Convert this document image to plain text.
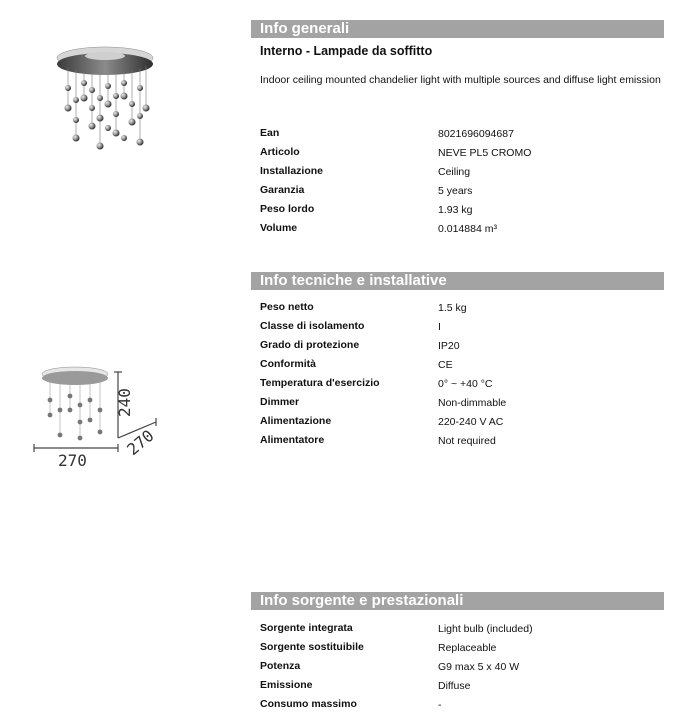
240
270
270
Info generali
Interno - Lampade da soffitto
Indoor ceiling mounted chandelier light with multiple sources and diffuse light emission
Ean	8021696094687
Articolo	NEVE PL5 CROMO
Installazione	Ceiling
Garanzia	5 years
Peso lordo	1.93 kg
Volume	0.014884 m³
Info tecniche e installative
Peso netto	1.5 kg
Classe di isolamento	I
Grado di protezione	IP20
Conformità	CE
Temperatura d'esercizio	0° ~ +40 °C
Dimmer	Non-dimmable
Alimentazione	220-240 V AC
Alimentatore	Not required
Info sorgente e prestazionali
Sorgente integrata	Light bulb (included)
Sorgente sostituibile	Replaceable
Potenza	G9 max 5 x 40 W
Emissione	Diffuse
Consumo massimo	-
